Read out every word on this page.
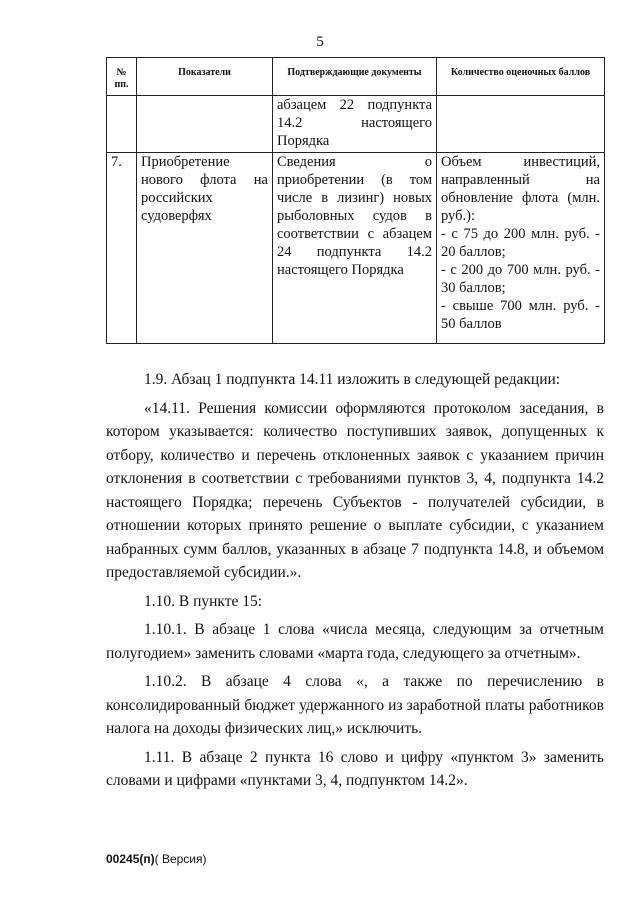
5
№ пп.	Показатели	Подтверждающие документы	Количество оценочных баллов
		абзацем 22 подпункта 14.2 настоящего Порядка	
7.	Приобретение нового флота на российских судоверфях	Сведения о приобретении (в том числе в лизинг) новых рыболовных судов в соответствии с абзацем 24 подпункта 14.2 настоящего Порядка	Объем инвестиций, направленный на обновление флота (млн. руб.):
- с 75 до 200 млн. руб. - 20 баллов;
- с 200 до 700 млн. руб. - 30 баллов;
- свыше 700 млн. руб. - 50 баллов

1.9. Абзац 1 подпункта 14.11 изложить в следующей редакции:

«14.11. Решения комиссии оформляются протоколом заседания, в котором указывается: количество поступивших заявок, допущенных к отбору, количество и перечень отклоненных заявок с указанием причин отклонения в соответствии с требованиями пунктов 3, 4, подпункта 14.2 настоящего Порядка; перечень Субъектов - получателей субсидии, в отношении которых принято решение о выплате субсидии, с указанием набранных сумм баллов, указанных в абзаце 7 подпункта 14.8, и объемом предоставляемой субсидии.».

1.10. В пункте 15:

1.10.1. В абзаце 1 слова «числа месяца, следующим за отчетным полугодием» заменить словами «марта года, следующего за отчетным».

1.10.2. В абзаце 4 слова «, а также по перечислению в консолидированный бюджет удержанного из заработной платы работников налога на доходы физических лиц,» исключить.

1.11. В абзаце 2 пункта 16 слово и цифру «пунктом 3» заменить словами и цифрами «пунктами 3, 4, подпунктом 14.2».

00245(п)( Версия)
